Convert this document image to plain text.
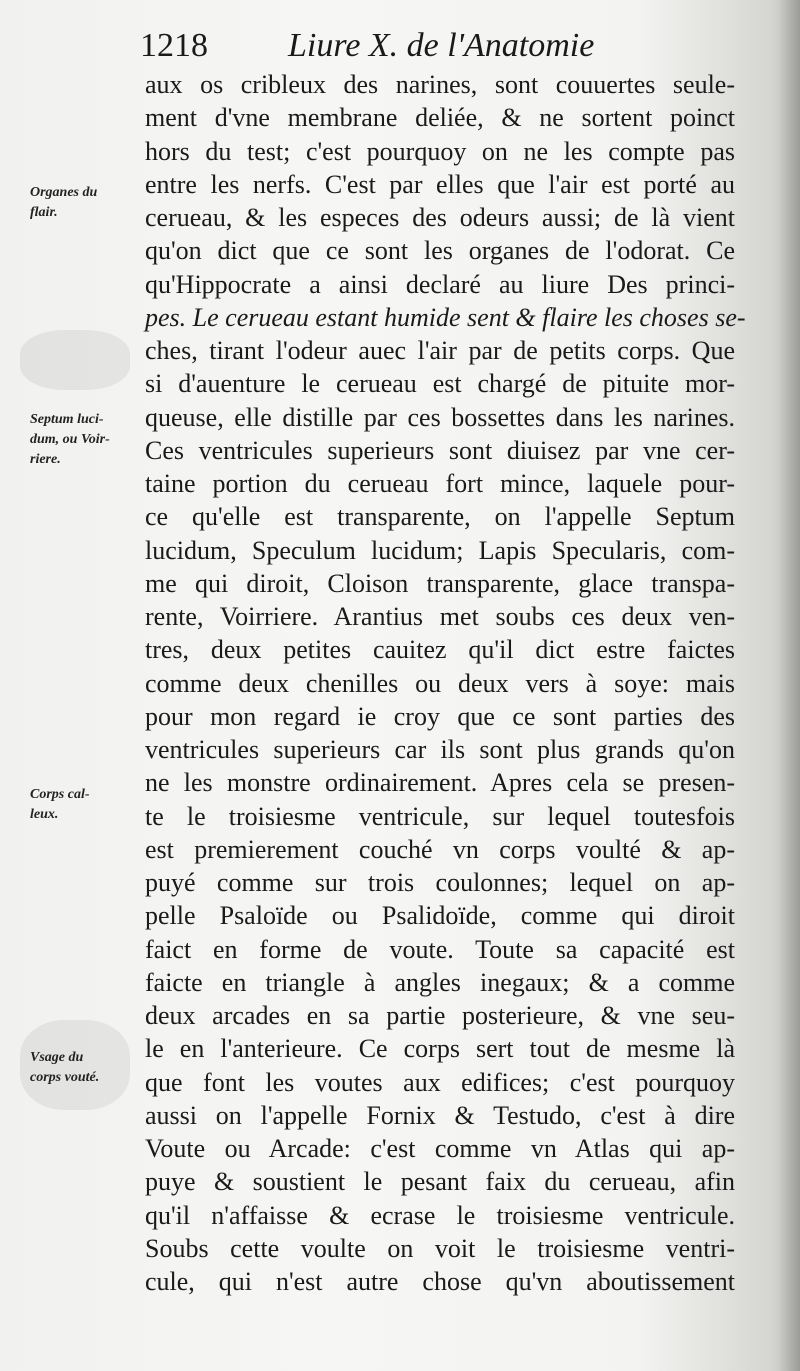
1218 Liure X. de l'Anatomie
Organes du
flair.
Septum luci-
dum, ou Voir-
riere.
Corps cal-
leux.
Vsage du
corps vouté.
aux os cribleux des narines, sont couuertes seule-
ment d'vne membrane deliée, & ne sortent poinct
hors du test; c'est pourquoy on ne les compte pas
entre les nerfs. C'est par elles que l'air est porté au
cerueau, & les especes des odeurs aussi; de là vient
qu'on dict que ce sont les organes de l'odorat. Ce
qu'Hippocrate a ainsi declaré au liure Des princi-
pes. Le cerueau estant humide sent & flaire les choses se-
ches, tirant l'odeur auec l'air par de petits corps. Que
si d'auenture le cerueau est chargé de pituite mor-
queuse, elle distille par ces bossettes dans les narines.
Ces ventricules superieurs sont diuisez par vne cer-
taine portion du cerueau fort mince, laquele pour-
ce qu'elle est transparente, on l'appelle Septum
lucidum, Speculum lucidum; Lapis Specularis, com-
me qui diroit, Cloison transparente, glace transpa-
rente, Voirriere. Arantius met soubs ces deux ven-
tres, deux petites cauitez qu'il dict estre faictes
comme deux chenilles ou deux vers à soye: mais
pour mon regard ie croy que ce sont parties des
ventricules superieurs car ils sont plus grands qu'on
ne les monstre ordinairement. Apres cela se presen-
te le troisiesme ventricule, sur lequel toutesfois
est premierement couché vn corps voulté & ap-
puyé comme sur trois coulonnes; lequel on ap-
pelle Psaloïde ou Psalidoïde, comme qui diroit
faict en forme de voute. Toute sa capacité est
faicte en triangle à angles inegaux; & a comme
deux arcades en sa partie posterieure, & vne seu-
le en l'anterieure. Ce corps sert tout de mesme là
que font les voutes aux edifices; c'est pourquoy
aussi on l'appelle Fornix & Testudo, c'est à dire
Voute ou Arcade: c'est comme vn Atlas qui ap-
puye & soustient le pesant faix du cerueau, afin
qu'il n'affaisse & ecrase le troisiesme ventricule.
Soubs cette voulte on voit le troisiesme ventri-
cule, qui n'est autre chose qu'vn aboutissement
